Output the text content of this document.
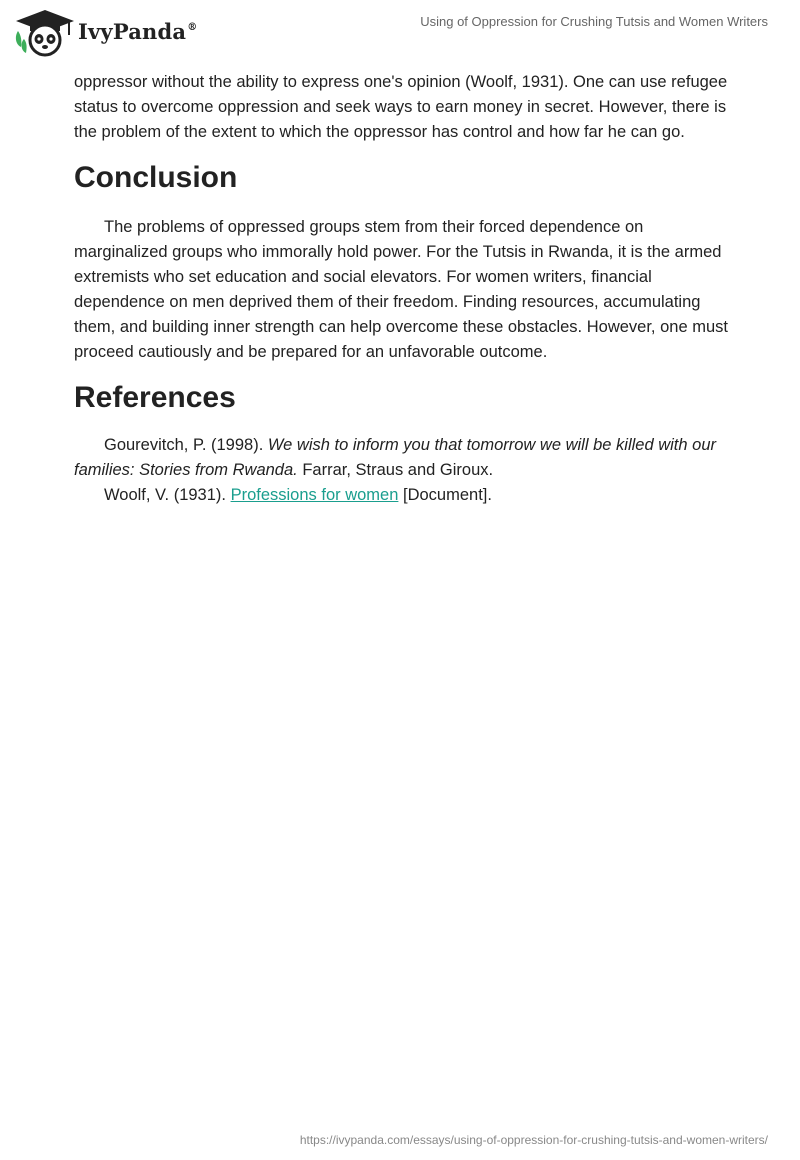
IvyPanda®	Using of Oppression for Crushing Tutsis and Women Writers

oppressor without the ability to express one's opinion (Woolf, 1931). One can use refugee status to overcome oppression and seek ways to earn money in secret. However, there is the problem of the extent to which the oppressor has control and how far he can go.

Conclusion

The problems of oppressed groups stem from their forced dependence on marginalized groups who immorally hold power. For the Tutsis in Rwanda, it is the armed extremists who set education and social elevators. For women writers, financial dependence on men deprived them of their freedom. Finding resources, accumulating them, and building inner strength can help overcome these obstacles. However, one must proceed cautiously and be prepared for an unfavorable outcome.

References

Gourevitch, P. (1998). We wish to inform you that tomorrow we will be killed with our families: Stories from Rwanda. Farrar, Straus and Giroux.

Woolf, V. (1931). Professions for women [Document].

https://ivypanda.com/essays/using-of-oppression-for-crushing-tutsis-and-women-writers/
